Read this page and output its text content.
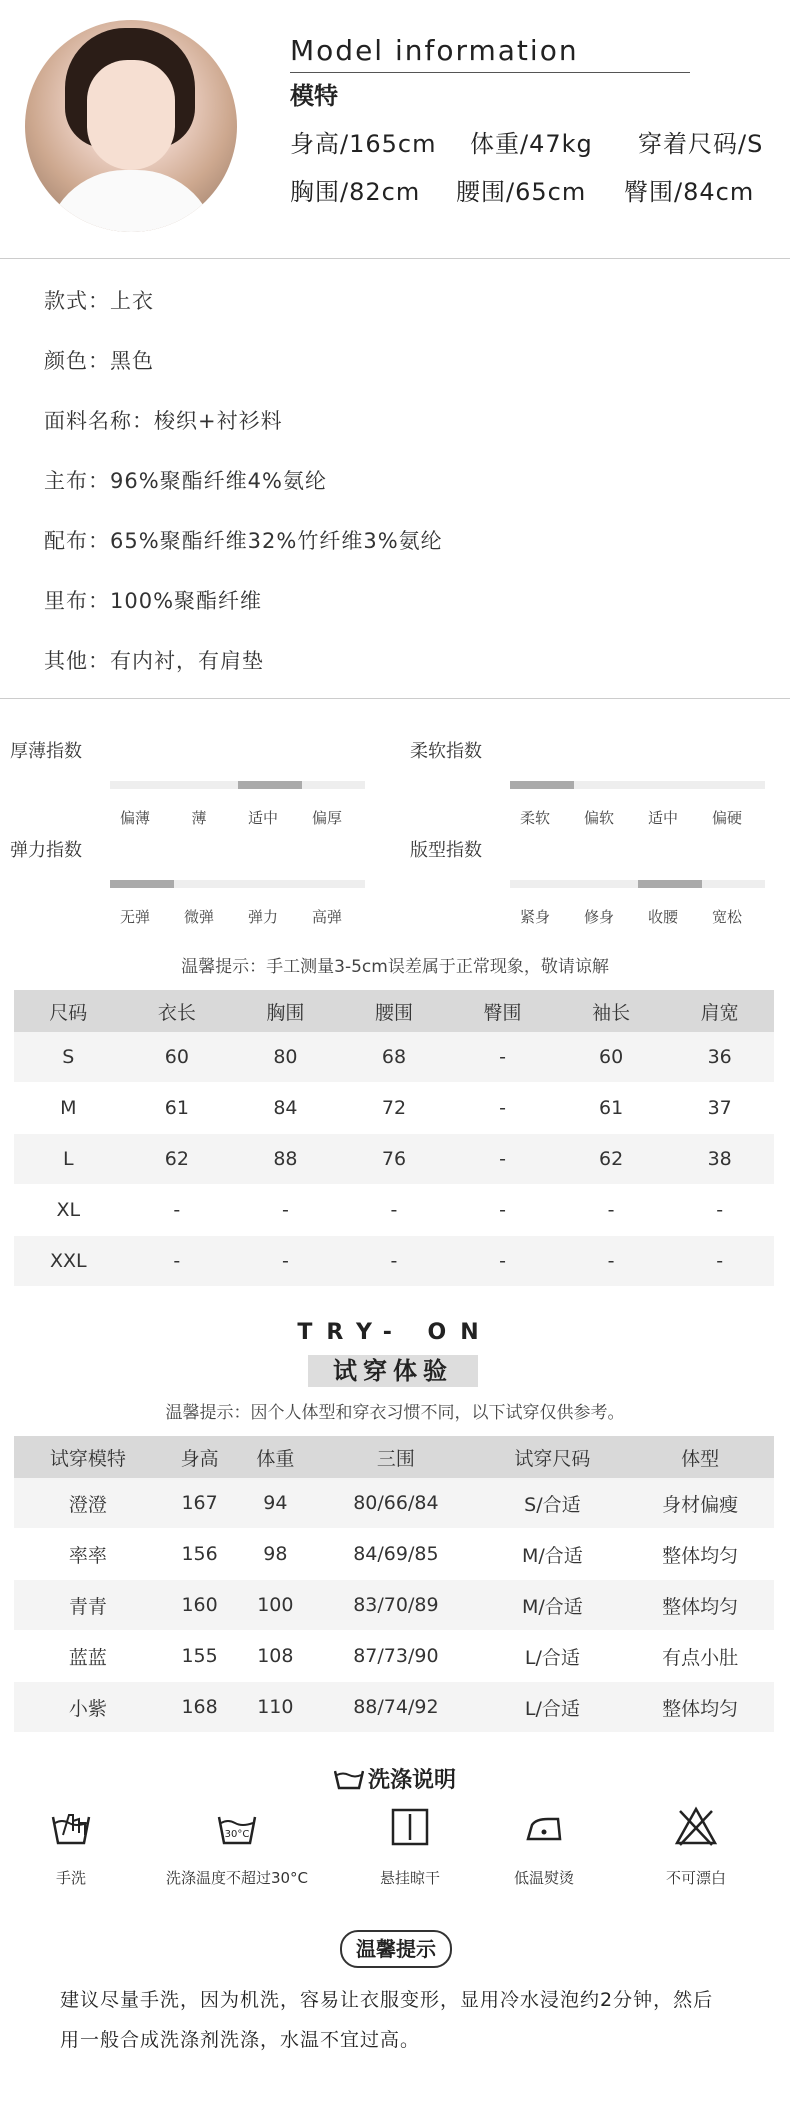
Model information
模特
身高/165cm 体重/47kg 穿着尺码/S
胸围/82cm 腰围/65cm 臀围/84cm
款式：上衣
颜色：黑色
面料名称：梭织+衬衫料
主布：96%聚酯纤维4%氨纶
配布：65%聚酯纤维32%竹纤维3%氨纶
里布：100%聚酯纤维
其他：有内衬，有肩垫
厚薄指数
偏薄	薄	适中 偏厚
柔软指数
柔软 偏软 适中 偏硬
弹力指数
无弹 微弹 弹力 高弹
版型指数
紧身 修身 收腰 宽松
温馨提示：手工测量3-5cm误差属于正常现象，敬请谅解
尺码	衣长	胸围	腰围	臀围	袖长	肩宽
S	60	80	68	-	60	36
M	61	84	72	-	61	37
L	62	88	76	-	62	38
XL	-	-	-	-	-	-
XXL	-	-	-	-	-	-
TRY- ON
试穿体验
温馨提示：因个人体型和穿衣习惯不同，以下试穿仅供参考。
试穿模特	身高	体重	三围	试穿尺码	体型
澄澄	167	94	80/66/84	S/合适	身材偏瘦
率率	156	98	84/69/85	M/合适	整体均匀
青青	160	100	83/70/89	M/合适	整体均匀
蓝蓝	155	108	87/73/90	L/合适	有点小肚
小紫	168	110	88/74/92	L/合适	整体均匀
洗涤说明
手洗
30°C
洗涤温度不超过30°C	悬挂晾干	低温熨烫	不可漂白
温馨提示
建议尽量手洗，因为机洗，容易让衣服变形，显用冷水浸泡约2分钟，然后
用一般合成洗涤剂洗涤，水温不宜过高。
